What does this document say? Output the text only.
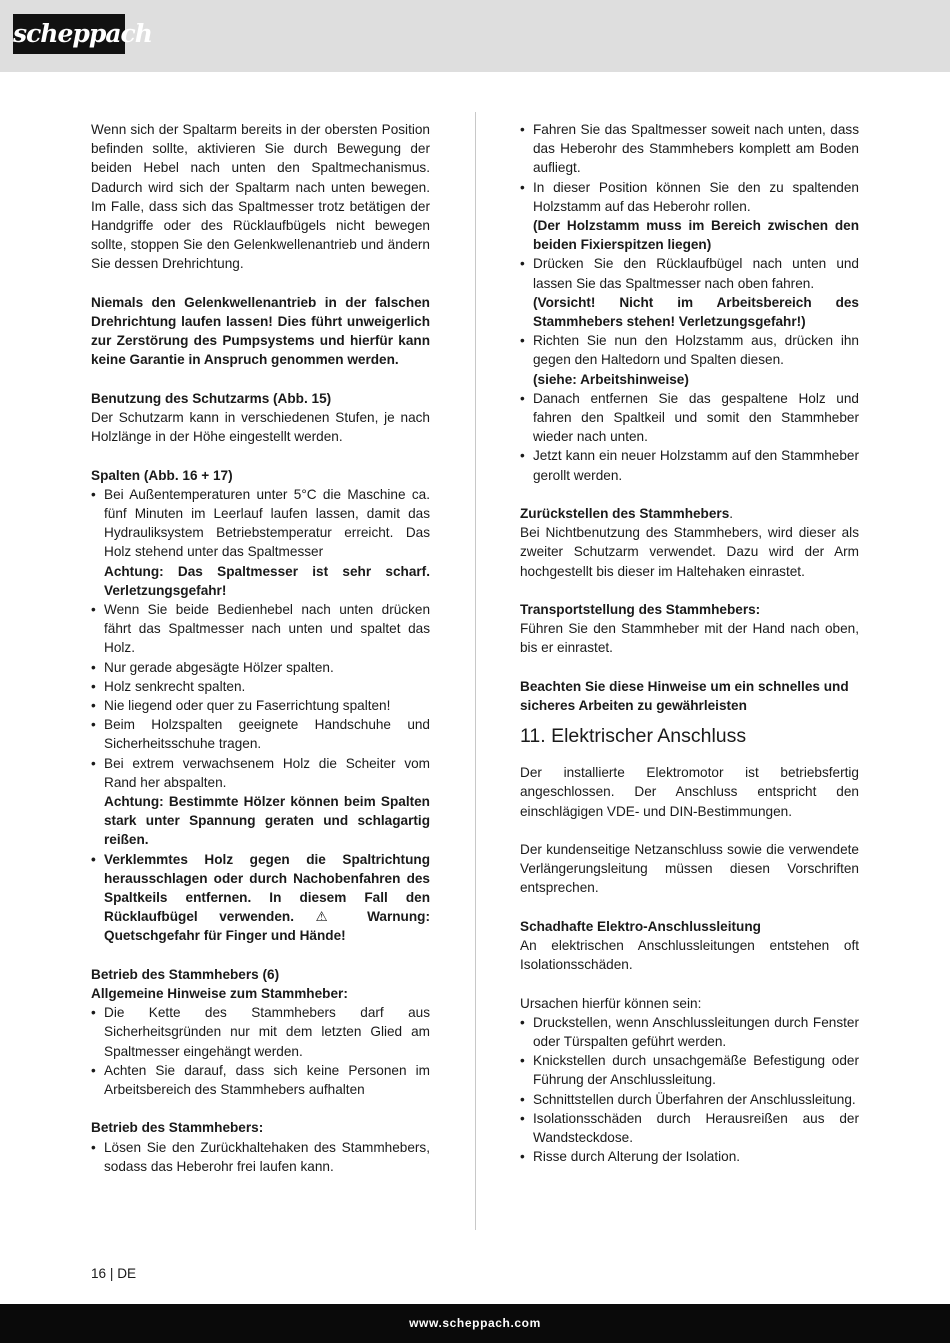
scheppach

Wenn sich der Spaltarm bereits in der obersten Position befinden sollte, aktivieren Sie durch Bewegung der beiden Hebel nach unten den Spaltmechanismus. Dadurch wird sich der Spaltarm nach unten bewegen. Im Falle, dass sich das Spaltmesser trotz betätigen der Handgriffe oder des Rücklaufbügels nicht bewegen sollte, stoppen Sie den Gelenkwellenantrieb und ändern Sie dessen Drehrichtung.

Niemals den Gelenkwellenantrieb in der falschen Drehrichtung laufen lassen! Dies führt unweigerlich zur Zerstörung des Pumpsystems und hierfür kann keine Garantie in Anspruch genommen werden.

Benutzung des Schutzarms (Abb. 15)

Der Schutzarm kann in verschiedenen Stufen, je nach Holzlänge in der Höhe eingestellt werden.

Spalten (Abb. 16 + 17)

• Bei Außentemperaturen unter 5°C die Maschine ca. fünf Minuten im Leerlauf laufen lassen, damit das Hydrauliksystem Betriebstemperatur erreicht. Das Holz stehend unter das Spaltmesser
Achtung: Das Spaltmesser ist sehr scharf. Verletzungsgefahr!
• Wenn Sie beide Bedienhebel nach unten drücken fährt das Spaltmesser nach unten und spaltet das Holz.
• Nur gerade abgesägte Hölzer spalten.
• Holz senkrecht spalten.
• Nie liegend oder quer zu Faserrichtung spalten!
• Beim Holzspalten geeignete Handschuhe und Sicherheitsschuhe tragen.
• Bei extrem verwachsenem Holz die Scheiter vom Rand her abspalten.
Achtung: Bestimmte Hölzer können beim Spalten stark unter Spannung geraten und schlagartig reißen.
• Verklemmtes Holz gegen die Spaltrichtung herausschlagen oder durch Nachobenfahren des Spaltkeils entfernen. In diesem Fall den Rücklaufbügel verwenden. ⚠ Warnung: Quetschgefahr für Finger und Hände!

Betrieb des Stammhebers (6)

Allgemeine Hinweise zum Stammheber:

• Die Kette des Stammhebers darf aus Sicherheitsgründen nur mit dem letzten Glied am Spaltmesser eingehängt werden.
• Achten Sie darauf, dass sich keine Personen im Arbeitsbereich des Stammhebers aufhalten

Betrieb des Stammhebers:

• Lösen Sie den Zurückhaltehaken des Stammhebers, sodass das Heberohr frei laufen kann.
• Fahren Sie das Spaltmesser soweit nach unten, dass das Heberohr des Stammhebers komplett am Boden aufliegt.
• In dieser Position können Sie den zu spaltenden Holzstamm auf das Heberohr rollen.
(Der Holzstamm muss im Bereich zwischen den beiden Fixierspitzen liegen)
• Drücken Sie den Rücklaufbügel nach unten und lassen Sie das Spaltmesser nach oben fahren.
(Vorsicht! Nicht im Arbeitsbereich des Stammhebers stehen! Verletzungsgefahr!)
• Richten Sie nun den Holzstamm aus, drücken ihn gegen den Haltedorn und Spalten diesen.
(siehe: Arbeitshinweise)
• Danach entfernen Sie das gespaltene Holz und fahren den Spaltkeil und somit den Stammheber wieder nach unten.
• Jetzt kann ein neuer Holzstamm auf den Stammheber gerollt werden.

Zurückstellen des Stammhebers.

Bei Nichtbenutzung des Stammhebers, wird dieser als zweiter Schutzarm verwendet. Dazu wird der Arm hochgestellt bis dieser im Haltehaken einrastet.

Transportstellung des Stammhebers:

Führen Sie den Stammheber mit der Hand nach oben, bis er einrastet.

Beachten Sie diese Hinweise um ein schnelles und sicheres Arbeiten zu gewährleisten

11. Elektrischer Anschluss

Der installierte Elektromotor ist betriebsfertig angeschlossen. Der Anschluss entspricht den einschlägigen VDE- und DIN-Bestimmungen.

Der kundenseitige Netzanschluss sowie die verwendete Verlängerungsleitung müssen diesen Vorschriften entsprechen.

Schadhafte Elektro-Anschlussleitung

An elektrischen Anschlussleitungen entstehen oft Isolationsschäden.

Ursachen hierfür können sein:

• Druckstellen, wenn Anschlussleitungen durch Fenster oder Türspalten geführt werden.
• Knickstellen durch unsachgemäße Befestigung oder Führung der Anschlussleitung.
• Schnittstellen durch Überfahren der Anschlussleitung.
• Isolationsschäden durch Herausreißen aus der Wandsteckdose.
• Risse durch Alterung der Isolation.
16 | DE
www.scheppach.com
